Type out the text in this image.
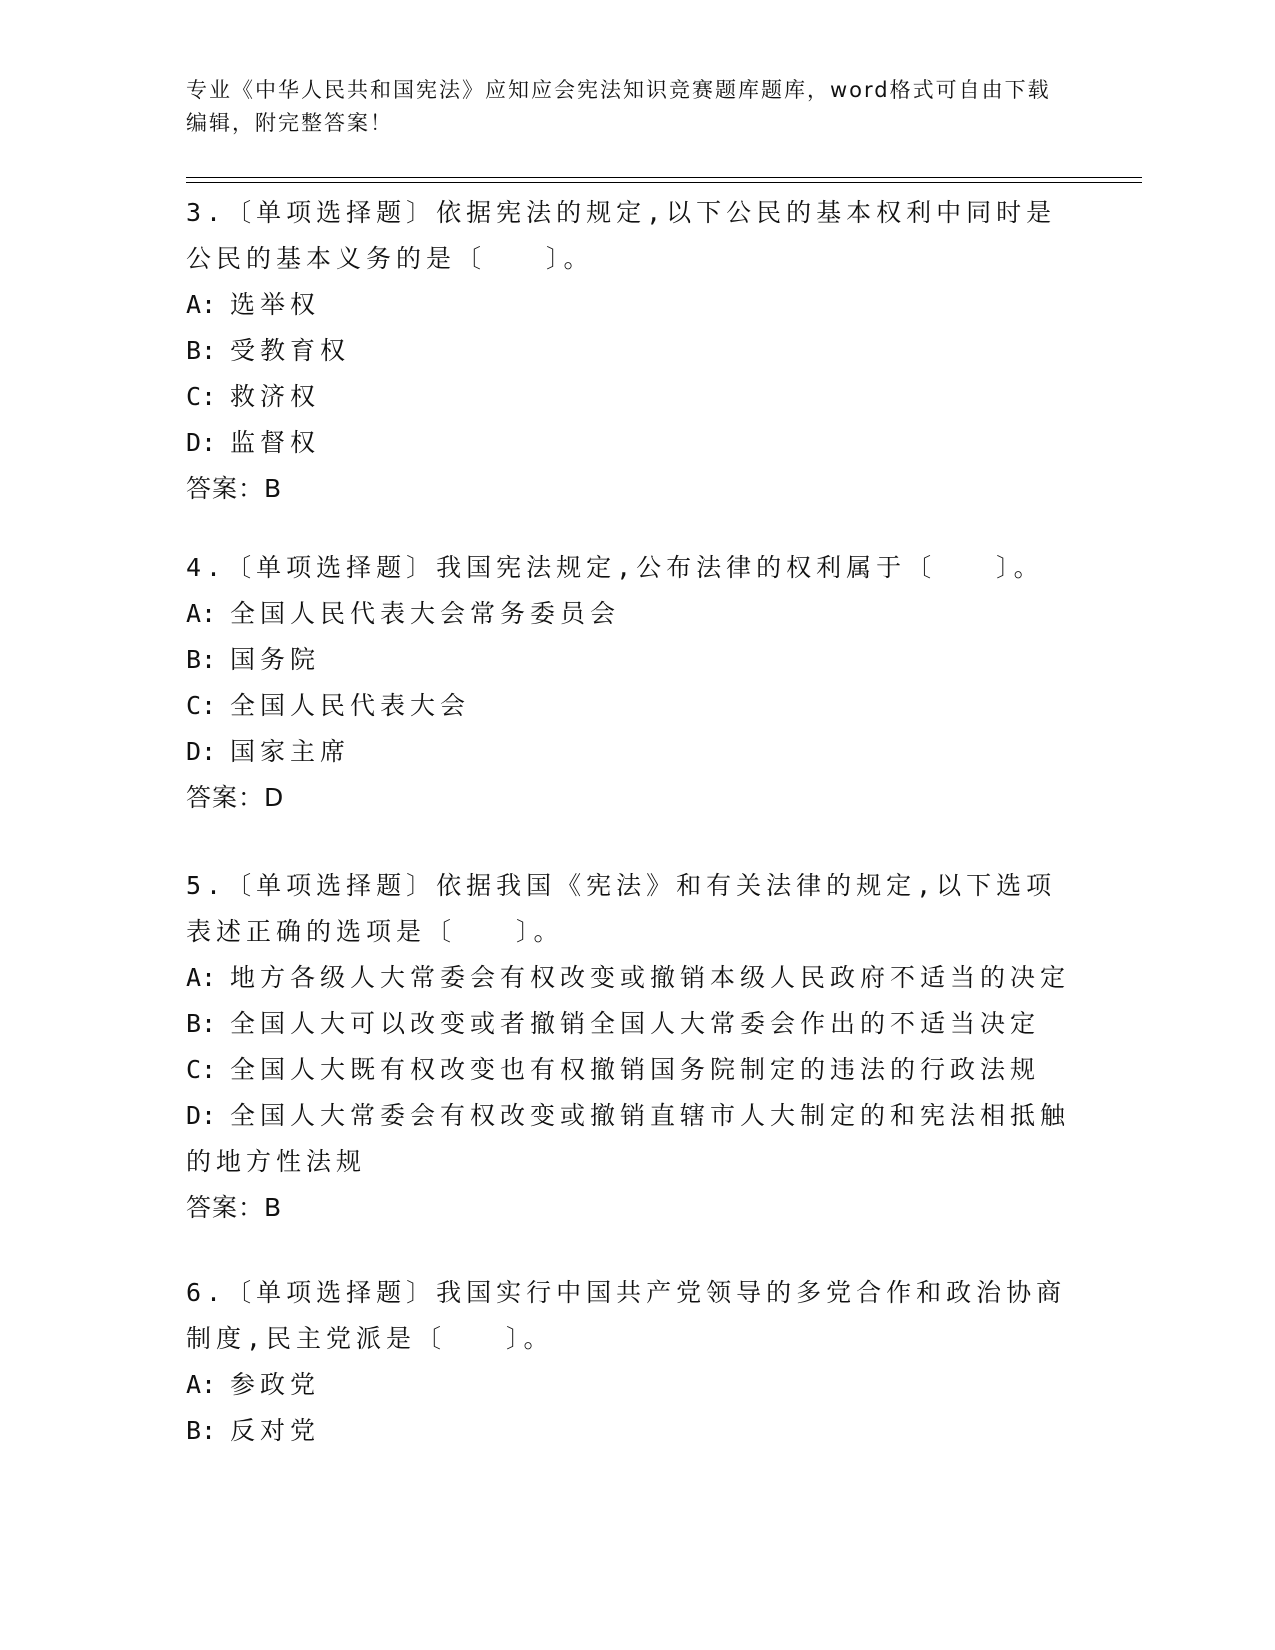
专业《中华人民共和国宪法》应知应会宪法知识竞赛题库题库，word格式可自由下载编辑，附完整答案！

3.〔单项选择题〕依据宪法的规定,以下公民的基本权利中同时是公民的基本义务的是〔　　〕。

A: 选举权

B: 受教育权

C: 救济权

D: 监督权

答案：B

4.〔单项选择题〕我国宪法规定,公布法律的权利属于〔　　〕。

A: 全国人民代表大会常务委员会

B: 国务院

C: 全国人民代表大会

D: 国家主席

答案：D

5.〔单项选择题〕依据我国《宪法》和有关法律的规定,以下选项表述正确的选项是〔　　〕。

A: 地方各级人大常委会有权改变或撤销本级人民政府不适当的决定

B: 全国人大可以改变或者撤销全国人大常委会作出的不适当决定

C: 全国人大既有权改变也有权撤销国务院制定的违法的行政法规

D: 全国人大常委会有权改变或撤销直辖市人大制定的和宪法相抵触的地方性法规

答案：B

6.〔单项选择题〕我国实行中国共产党领导的多党合作和政治协商制度,民主党派是〔　　〕。

A: 参政党

B: 反对党
